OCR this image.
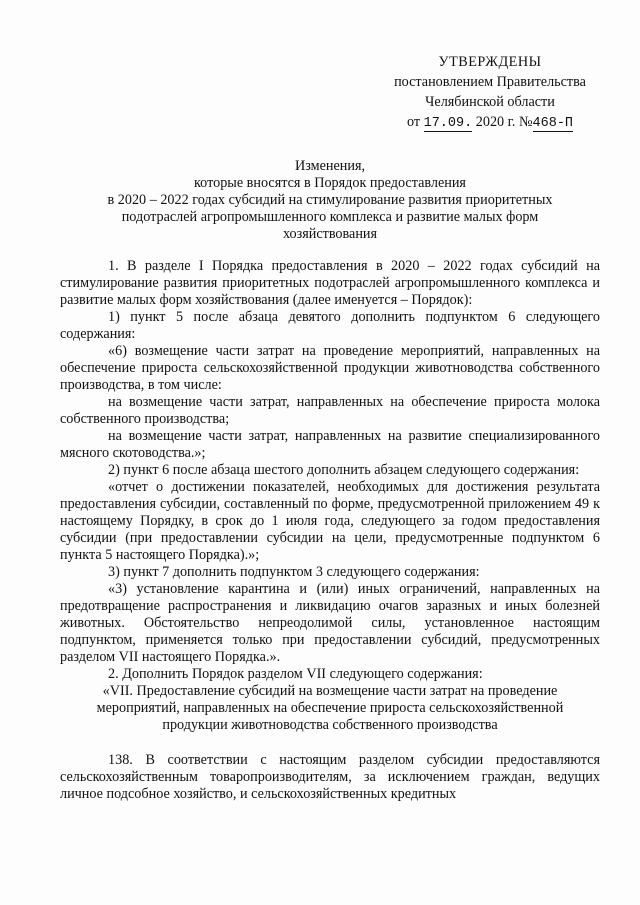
УТВЕРЖДЕНЫ
постановлением Правительства
Челябинской области
от 17.09. 2020 г. №468-П
Изменения,
которые вносятся в Порядок предоставления
в 2020 – 2022 годах субсидий на стимулирование развития приоритетных
подотраслей агропромышленного комплекса и развитие малых форм
хозяйствования

1. В разделе I Порядка предоставления в 2020 – 2022 годах субсидий на стимулирование развития приоритетных подотраслей агропромышленного комплекса и развитие малых форм хозяйствования (далее именуется – Порядок):

1) пункт 5 после абзаца девятого дополнить подпунктом 6 следующего содержания:

«6) возмещение части затрат на проведение мероприятий, направленных на обеспечение прироста сельскохозяйственной продукции животноводства собственного производства, в том числе:

на возмещение части затрат, направленных на обеспечение прироста молока собственного производства;

на возмещение части затрат, направленных на развитие специализированного мясного скотоводства.»;

2) пункт 6 после абзаца шестого дополнить абзацем следующего содержания:

«отчет о достижении показателей, необходимых для достижения результата предоставления субсидии, составленный по форме, предусмотренной приложением 49 к настоящему Порядку, в срок до 1 июля года, следующего за годом предоставления субсидии (при предоставлении субсидии на цели, предусмотренные подпунктом 6 пункта 5 настоящего Порядка).»;

3) пункт 7 дополнить подпунктом 3 следующего содержания:

«3) установление карантина и (или) иных ограничений, направленных на предотвращение распространения и ликвидацию очагов заразных и иных болезней животных. Обстоятельство непреодолимой силы, установленное настоящим подпунктом, применяется только при предоставлении субсидий, предусмотренных разделом VII настоящего Порядка.».

2. Дополнить Порядок разделом VII следующего содержания:

«VII. Предоставление субсидий на возмещение части затрат на проведение

мероприятий, направленных на обеспечение прироста сельскохозяйственной

продукции животноводства собственного производства

138. В соответствии с настоящим разделом субсидии предоставляются сельскохозяйственным товаропроизводителям, за исключением граждан, ведущих личное подсобное хозяйство, и сельскохозяйственных кредитных
